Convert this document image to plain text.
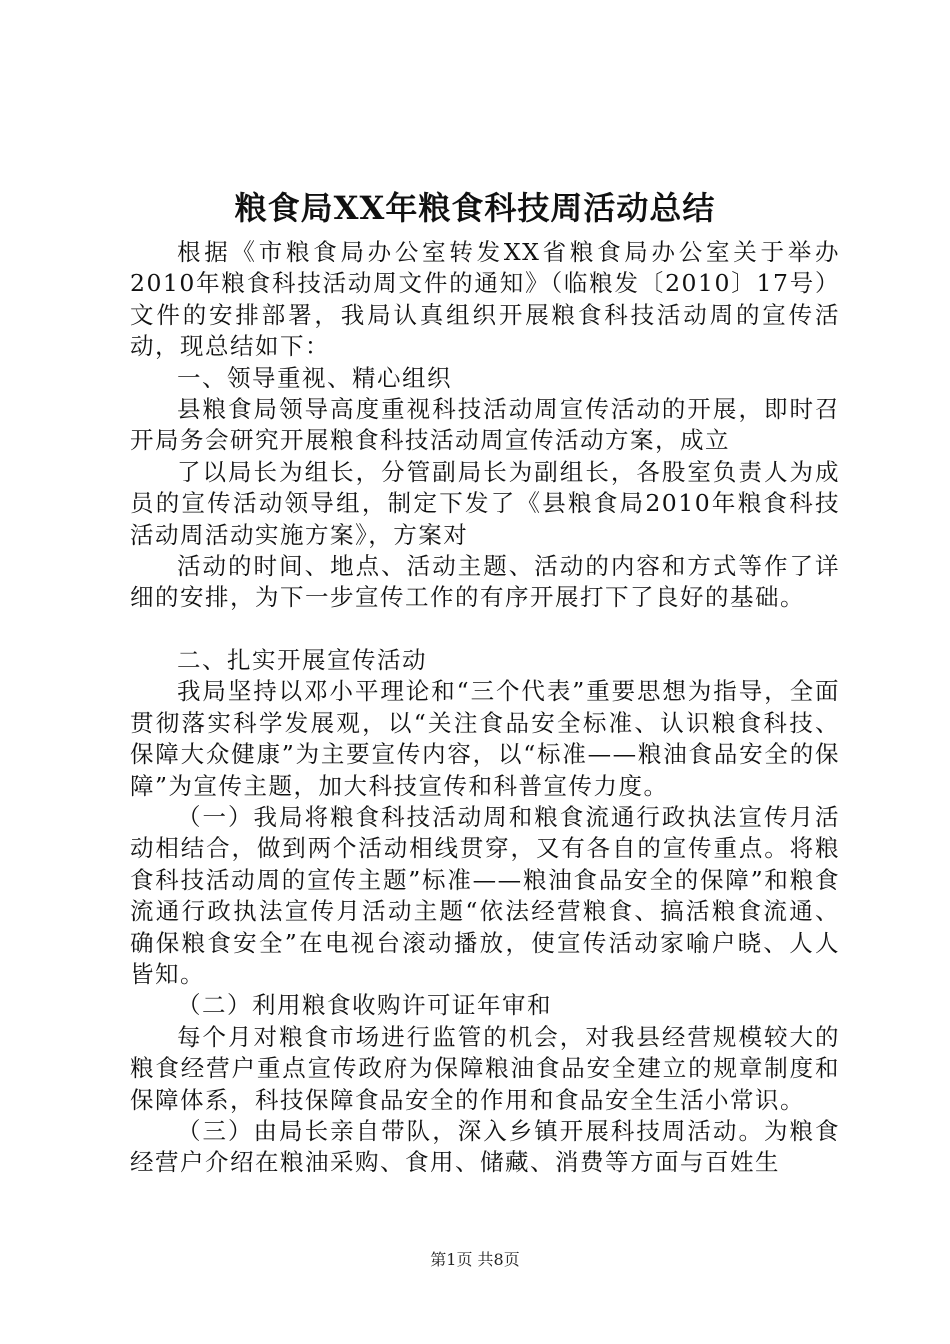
粮食局XX年粮食科技周活动总结

根据《市粮食局办公室转发XX省粮食局办公室关于举办2010年粮食科技活动周文件的通知》（临粮发〔2010〕17号）文件的安排部署，我局认真组织开展粮食科技活动周的宣传活动，现总结如下：

一、领导重视、精心组织

县粮食局领导高度重视科技活动周宣传活动的开展，即时召开局务会研究开展粮食科技活动周宣传活动方案，成立

了以局长为组长，分管副局长为副组长，各股室负责人为成员的宣传活动领导组，制定下发了《县粮食局2010年粮食科技活动周活动实施方案》，方案对

活动的时间、地点、活动主题、活动的内容和方式等作了详细的安排，为下一步宣传工作的有序开展打下了良好的基础。

二、扎实开展宣传活动

我局坚持以邓小平理论和“三个代表”重要思想为指导，全面贯彻落实科学发展观，以“关注食品安全标准、认识粮食科技、保障大众健康”为主要宣传内容，以“标准——粮油食品安全的保障”为宣传主题，加大科技宣传和科普宣传力度。

（一）我局将粮食科技活动周和粮食流通行政执法宣传月活动相结合，做到两个活动相线贯穿，又有各自的宣传重点。将粮食科技活动周的宣传主题”标准——粮油食品安全的保障”和粮食流通行政执法宣传月活动主题“依法经营粮食、搞活粮食流通、确保粮食安全”在电视台滚动播放，使宣传活动家喻户晓、人人皆知。

（二）利用粮食收购许可证年审和

每个月对粮食市场进行监管的机会，对我县经营规模较大的粮食经营户重点宣传政府为保障粮油食品安全建立的规章制度和保障体系，科技保障食品安全的作用和食品安全生活小常识。

（三）由局长亲自带队，深入乡镇开展科技周活动。为粮食经营户介绍在粮油采购、食用、储藏、消费等方面与百姓生

第1页 共8页
